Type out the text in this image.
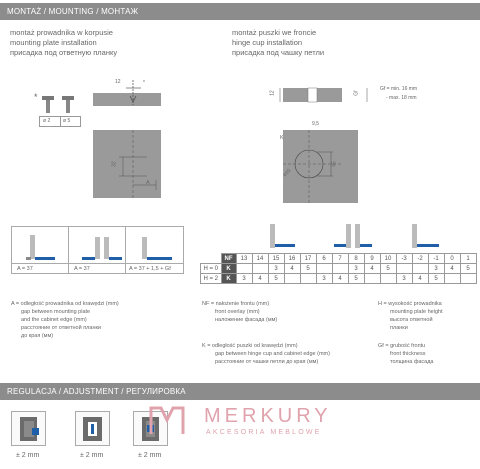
MONTAŻ / MOUNTING / МОНТАЖ
montaż prowadnika w korpusie
mounting plate installation
присадка под ответную планку
montaż puszki we froncie
hinge cup installation
присадка под чашку петли
*
ø 2	ø 5
12	*
32
A
12	Gf
Gf = min. 16 mm
- max. 18 mm
9,5
K
ø35
45
A = 37	A = 37	A = 37 + 1,5 + Gf
	NF	13	14	15	16	17	6	7	8	9	10	-3	-2	-1	0	1
H = 0	K			3	4	5			3	4	5			3	4	5
H = 2	K	3	4	5			3	4	5			3	4	5		
A = odległość prowadnika od krawędzi (mm)
gap between mounting plate
and the cabinet edge (mm)
расстояние от ответной планки
до края (мм)
NF = nałożenie frontu (mm)
front overlay (mm)
наложение фасада (мм)
K = odległość puszki od krawędzi (mm)
gap between hinge cup and cabinet edge (mm)
расстояние от чашки петли до края (мм)
H = wysokość prowadnika
mounting plate height
высота ответной
планки
Gf = grubość frontu
front thickness
толщина фасада
REGULACJA / ADJUSTMENT / РЕГУЛИРОВКА
± 2 mm	± 2 mm	± 2 mm
MERKURY
AKCESORIA MEBLOWE
